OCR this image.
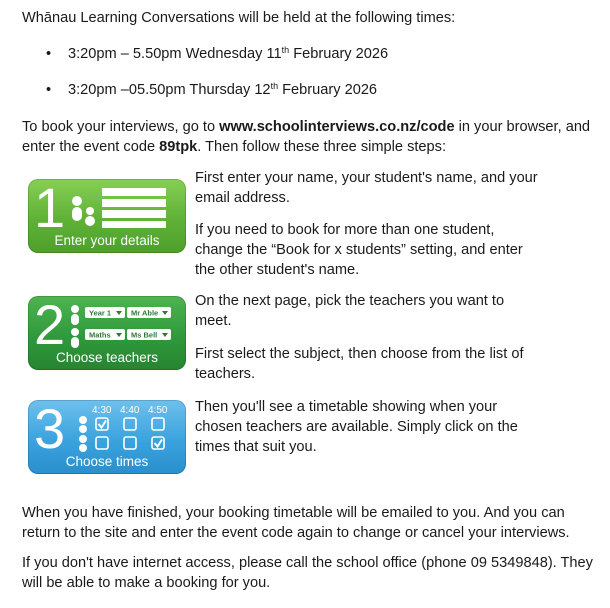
Whānau Learning Conversations will be held at the following times:

• 3:20pm – 5.50pm Wednesday 11th February 2026

• 3:20pm –05.50pm Thursday 12th February 2026

To book your interviews, go to www.schoolinterviews.co.nz/code in your browser, and enter the event code 89tpk. Then follow these three simple steps:

1
Enter your details
2	Year 1	Mr Able
Maths	Ms Bell
Choose teachers
3	4:30 4:40 4:50
Choose times

First enter your name, your student's name, and your email address.

If you need to book for more than one student, change the “Book for x students” setting, and enter the other student's name.

On the next page, pick the teachers you want to meet.

First select the subject, then choose from the list of teachers.

Then you'll see a timetable showing when your chosen teachers are available. Simply click on the times that suit you.

When you have finished, your booking timetable will be emailed to you. And you can return to the site and enter the event code again to change or cancel your interviews.

If you don't have internet access, please call the school office (phone 09 5349848). They will be able to make a booking for you.
